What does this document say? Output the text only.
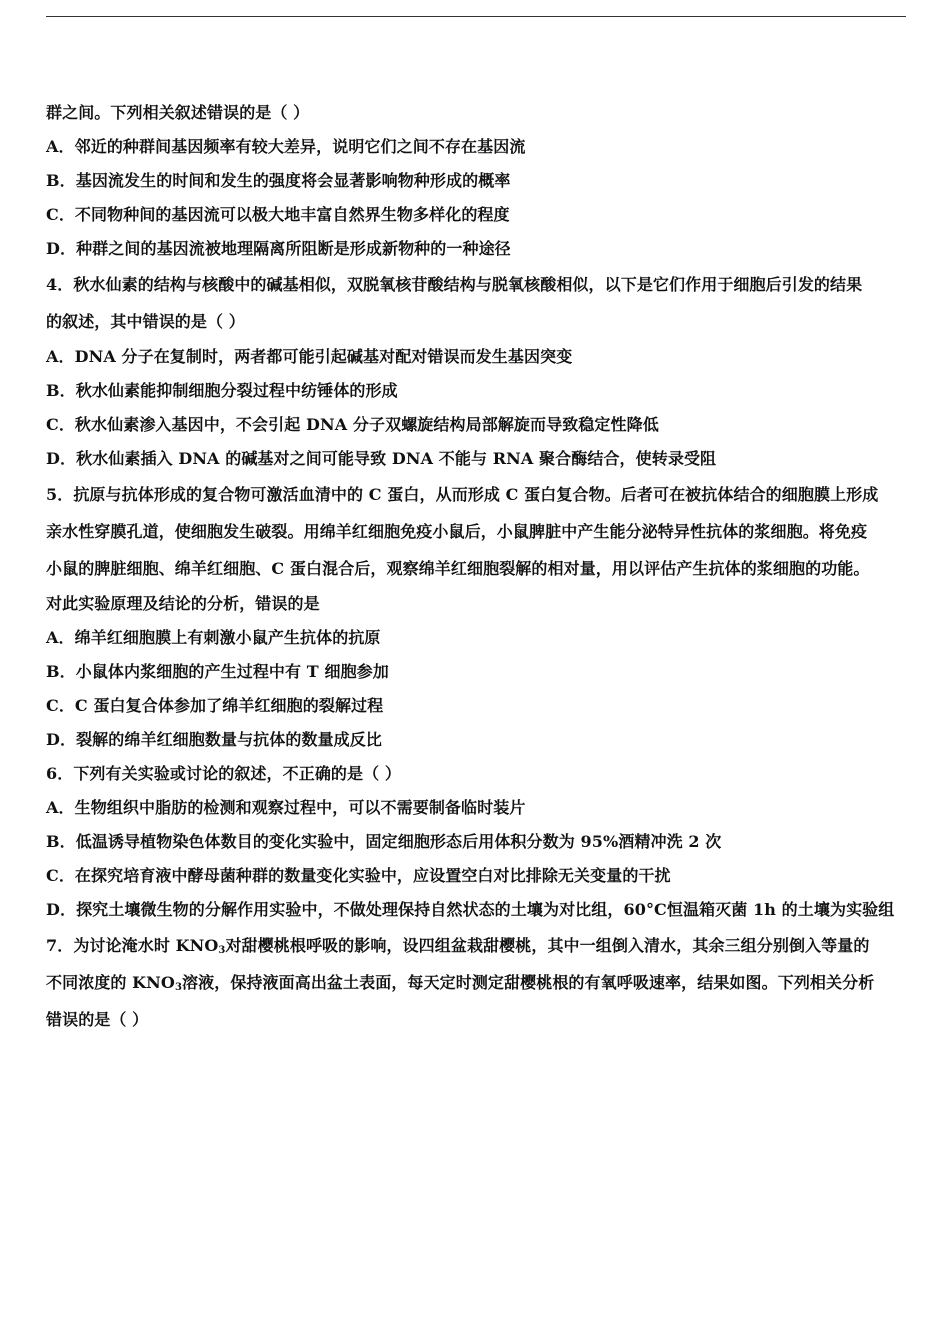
群之间。下列相关叙述错误的是（ ）
A．邻近的种群间基因频率有较大差异，说明它们之间不存在基因流
B．基因流发生的时间和发生的强度将会显著影响物种形成的概率
C．不同物种间的基因流可以极大地丰富自然界生物多样化的程度
D．种群之间的基因流被地理隔离所阻断是形成新物种的一种途径
4．秋水仙素的结构与核酸中的碱基相似，双脱氧核苷酸结构与脱氧核酸相似，以下是它们作用于细胞后引发的结果
的叙述，其中错误的是（ ）
A．DNA 分子在复制时，两者都可能引起碱基对配对错误而发生基因突变
B．秋水仙素能抑制细胞分裂过程中纺锤体的形成
C．秋水仙素渗入基因中，不会引起 DNA 分子双螺旋结构局部解旋而导致稳定性降低
D．秋水仙素插入 DNA 的碱基对之间可能导致 DNA 不能与 RNA 聚合酶结合，使转录受阻
5．抗原与抗体形成的复合物可激活血清中的 C 蛋白，从而形成 C 蛋白复合物。后者可在被抗体结合的细胞膜上形成
亲水性穿膜孔道，使细胞发生破裂。用绵羊红细胞免疫小鼠后，小鼠脾脏中产生能分泌特异性抗体的浆细胞。将免疫
小鼠的脾脏细胞、绵羊红细胞、C 蛋白混合后，观察绵羊红细胞裂解的相对量，用以评估产生抗体的浆细胞的功能。
对此实验原理及结论的分析，错误的是
A．绵羊红细胞膜上有刺激小鼠产生抗体的抗原
B．小鼠体内浆细胞的产生过程中有 T 细胞参加
C．C 蛋白复合体参加了绵羊红细胞的裂解过程
D．裂解的绵羊红细胞数量与抗体的数量成反比
6．下列有关实验或讨论的叙述，不正确的是（ ）
A．生物组织中脂肪的检测和观察过程中，可以不需要制备临时装片
B．低温诱导植物染色体数目的变化实验中，固定细胞形态后用体积分数为 95%酒精冲洗 2 次
C．在探究培育液中酵母菌种群的数量变化实验中，应设置空白对比排除无关变量的干扰
D．探究土壤微生物的分解作用实验中，不做处理保持自然状态的土壤为对比组，60°C恒温箱灭菌 1h 的土壤为实验组
7．为讨论淹水时 $KNO_3$对甜樱桃根呼吸的影响，设四组盆栽甜樱桃，其中一组倒入清水，其余三组分别倒入等量的
不同浓度的 $KNO_3$溶液，保持液面高出盆土表面，每天定时测定甜樱桃根的有氧呼吸速率，结果如图。下列相关分析
错误的是（ ）
